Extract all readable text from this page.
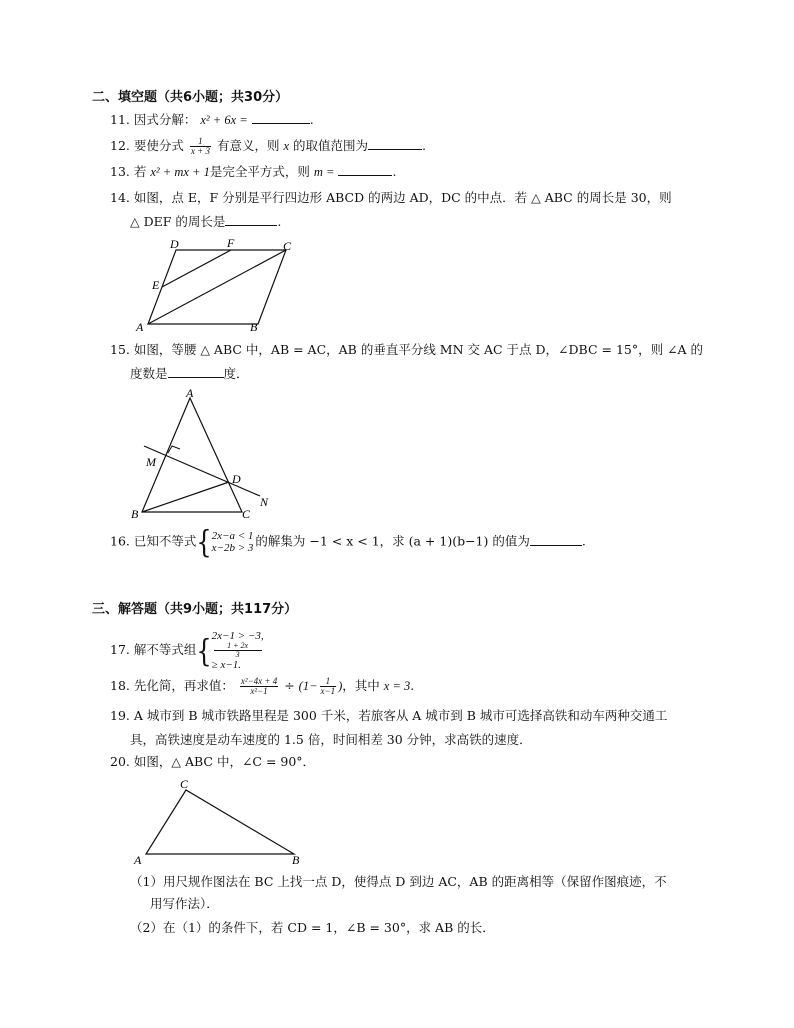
二、填空题（共6小题；共30分）
11. 因式分解： x² + 6x =	.
12. 要使分式 $\frac{1}{x + 3}$ 有意义，则 x 的取值范围为	.
13. 若 x² + mx + 1是完全平方式，则 m =	.
14. 如图，点 E，F 分别是平行四边形 ABCD 的两边 AD，DC 的中点．若 △ ABC 的周长是 30，则
△ DEF 的周长是	.
D	F	C
E
A	B
15. 如图，等腰 △ ABC 中，AB = AC，AB 的垂直平分线 MN 交 AC 于点 D，∠DBC = 15°，则 ∠A 的
度数是	度．
A
M
D
N
B	C
16. 已知不等式{ 2x−a < 1
x−2b > 3 的解集为 −1 < x < 1，求 (a + 1)(b−1) 的值为	.
三、解答题（共9小题；共117分）
17. 解不等式组{ 2x−1 > −3,
1 + 2x
3
≥ x−1.
18. 先化简，再求值： $\frac{\text{x²−4x + 4}}{\text{x²−1}} \div (1- \frac{1}{x-1}$ )，其中 x = 3.
19. A 城市到 B 城市铁路里程是 300 千米，若旅客从 A 城市到 B 城市可选择高铁和动车两种交通工
具，高铁速度是动车速度的 1.5 倍，时间相差 30 分钟，求高铁的速度．
20. 如图，△ ABC 中，∠C = 90°．
C
A	B
（1）用尺规作图法在 BC 上找一点 D，使得点 D 到边 AC，AB 的距离相等（保留作图痕迹，不
用写作法）．
（2）在（1）的条件下，若 CD = 1，∠B = 30°，求 AB 的长．
